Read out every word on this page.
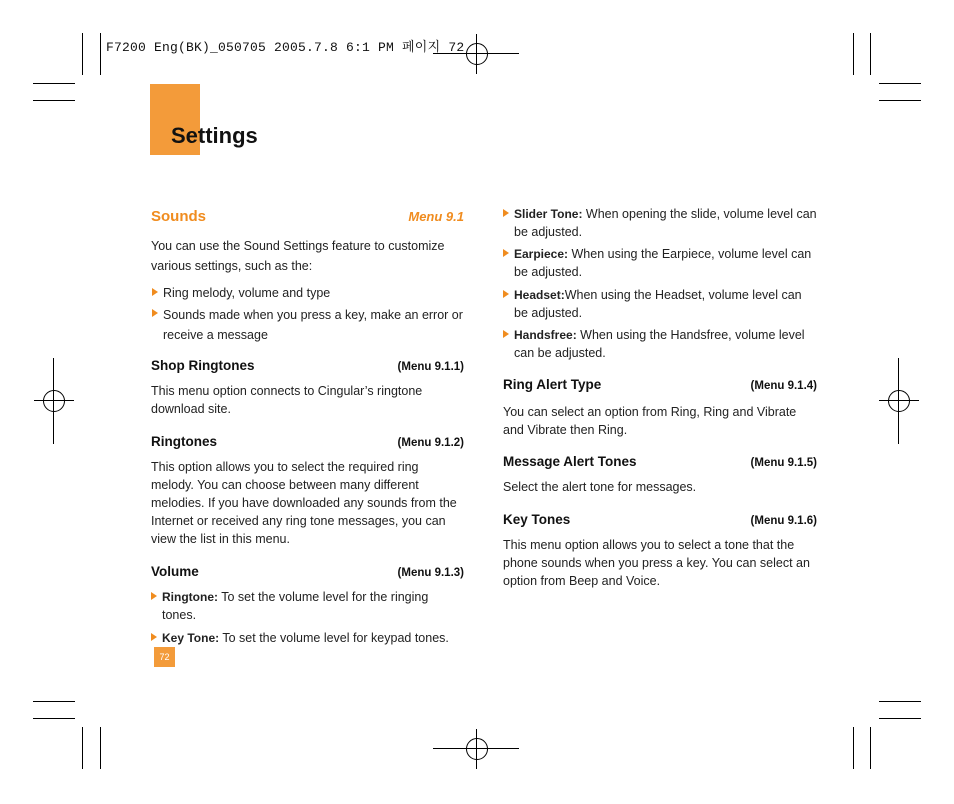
F7200 Eng(BK)_050705 2005.7.8 6:1 PM 페이지 72
Settings
Sounds	Menu 9.1

You can use the Sound Settings feature to customize various settings, such as the:

Ring melody, volume and type
Sounds made when you press a key, make an error or receive a message
Shop Ringtones	(Menu 9.1.1)

This menu option connects to Cingular’s ringtone download site.

Ringtones	(Menu 9.1.2)

This option allows you to select the required ring melody. You can choose between many different melodies. If you have downloaded any sounds from the Internet or received any ring tone messages, you can view the list in this menu.

Volume	(Menu 9.1.3)
Ringtone: To set the volume level for the ringing tones.
Key Tone: To set the volume level for keypad tones.
Slider Tone: When opening the slide, volume level can be adjusted.
Earpiece: When using the Earpiece, volume level can be adjusted.
Headset:When using the Headset, volume level can be adjusted.
Handsfree: When using the Handsfree, volume level can be adjusted.
Ring Alert Type	(Menu 9.1.4)

You can select an option from Ring, Ring and Vibrate and Vibrate then Ring.

Message Alert Tones	(Menu 9.1.5)

Select the alert tone for messages.

Key Tones	(Menu 9.1.6)

This menu option allows you to select a tone that the phone sounds when you press a key. You can select an option from Beep and Voice.

72
